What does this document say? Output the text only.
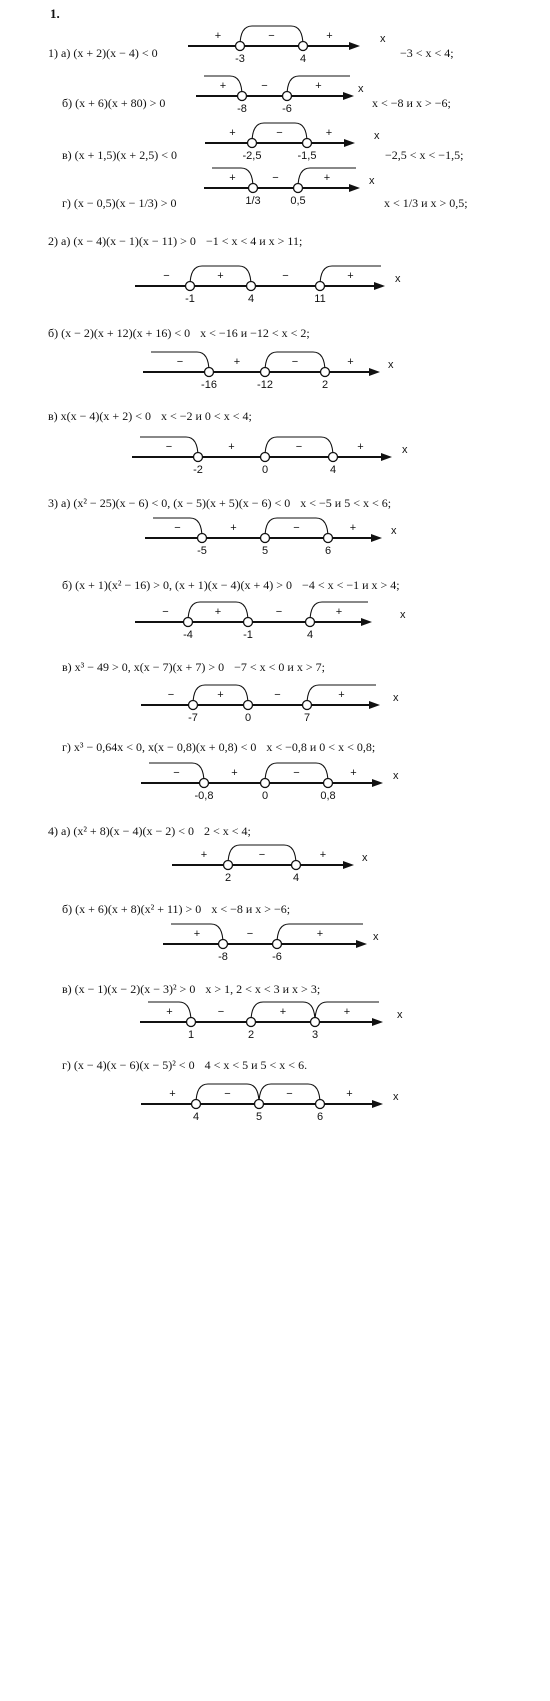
1.
1) а) (x + 2)(x − 4) < 0	−3 < x < 4;
б) (x + 6)(x + 80) > 0	x < −8 и x > −6;
в) (x + 1,5)(x + 2,5) < 0	−2,5 < x < −1,5;
г) (x − 0,5)(x − 1/3) > 0	x < 1/3 и x > 0,5;
2) а) (x − 4)(x − 1)(x − 11) > 0 −1 < x < 4 и x > 11;
б) (x − 2)(x + 12)(x + 16) < 0 x < −16 и −12 < x < 2;
в) x(x − 4)(x + 2) < 0 x < −2 и 0 < x < 4;
3) а) (x² − 25)(x − 6) < 0, (x − 5)(x + 5)(x − 6) < 0 x < −5 и 5 < x < 6;
б) (x + 1)(x² − 16) > 0, (x + 1)(x − 4)(x + 4) > 0 −4 < x < −1 и x > 4;
в) x³ − 49 > 0, x(x − 7)(x + 7) > 0 −7 < x < 0 и x > 7;
г) x³ − 0,64x < 0, x(x − 0,8)(x + 0,8) < 0 x < −0,8 и 0 < x < 0,8;
4) а) (x² + 8)(x − 4)(x − 2) < 0 2 < x < 4;
б) (x + 6)(x + 8)(x² + 11) > 0 x < −8 и x > −6;
в) (x − 1)(x − 2)(x − 3)² > 0 x > 1, 2 < x < 3 и x > 3;
г) (x − 4)(x − 6)(x − 5)² < 0 4 < x < 5 и 5 < x < 6.
x
+	−	+
-3	4
x
+	−	+
-8	-6
x
+	−	+
-2,5	-1,5
x
+	−	+
1/3	0,5
x
−	+	−	+
-1	4	11
x
−	+	−	+
-16	-12	2
x
−	+	−	+
-2	0	4
x
−	+	−	+
-5	5	6
x
−	+	−	+
-4	-1	4
x
−	+	−	+
-7	0	7
x
−	+	−	+
-0,8	0	0,8
x
+	−	+
2	4
x
+	−	+
-8	-6
x
+	−	+	+
1	2	3
x
+	−	−	+
4	5	6
